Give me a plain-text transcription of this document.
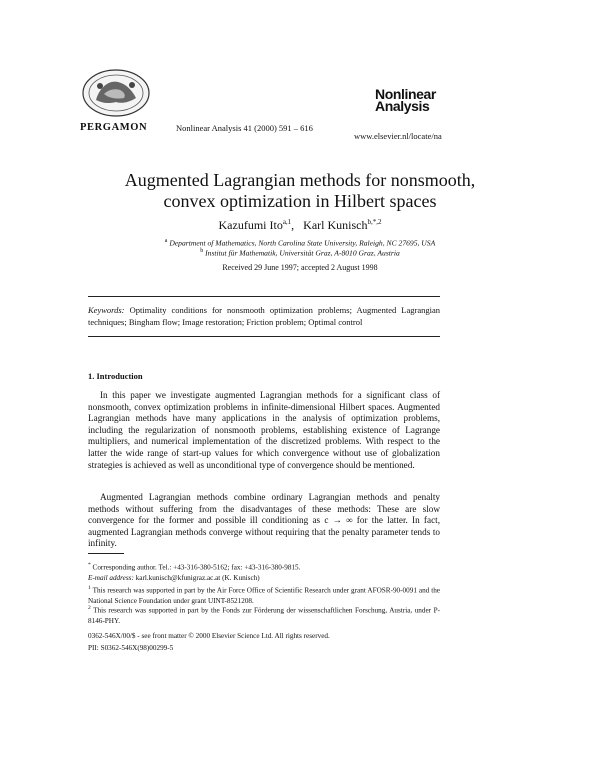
PERGAMON	Nonlinear Analysis 41 (2000) 591 – 616
Nonlinear
Analysis
www.elsevier.nl/locate/na
Augmented Lagrangian methods for nonsmooth,
convex optimization in Hilbert spaces
Kazufumi Ito$^{a,1}$,   Karl Kunisch$^{b,*,2}$
$^a$ Department of Mathematics, North Carolina State University, Raleigh, NC 27695, USA
$^b$ Institut für Mathematik, Universität Graz, A-8010 Graz, Austria
Received 29 June 1997; accepted 2 August 1998
Keywords: Optimality conditions for nonsmooth optimization problems; Augmented Lagrangian techniques; Bingham flow; Image restoration; Friction problem; Optimal control
1. Introduction
In this paper we investigate augmented Lagrangian methods for a significant class of nonsmooth, convex optimization problems in infinite-dimensional Hilbert spaces. Augmented Lagrangian methods have many applications in the analysis of optimization problems, including the regularization of nonsmooth problems, establishing existence of Lagrange multipliers, and numerical implementation of the discretized problems. With respect to the latter the wide range of start-up values for which convergence without use of globalization strategies is achieved as well as unconditional type of convergence should be mentioned.
Augmented Lagrangian methods combine ordinary Lagrangian methods and penalty methods without suffering from the disadvantages of these methods: These are slow convergence for the former and possible ill conditioning as c → ∞ for the latter. In fact, augmented Lagrangian methods converge without requiring that the penalty parameter tends to infinity.
* Corresponding author. Tel.: +43-316-380-5162; fax: +43-316-380-9815.
E-mail address: karl.kunisch@kfunigraz.ac.at (K. Kunisch)
$^1$ This research was supported in part by the Air Force Office of Scientific Research under grant AFOSR-90-0091 and the National Science Foundation under grant UINT-8521208.
$^2$ This research was supported in part by the Fonds zur Förderung der wissenschaftlichen Forschung, Austria, under P-8146-PHY.
0362-546X/00/$ - see front matter © 2000 Elsevier Science Ltd. All rights reserved.
PII: S0362-546X(98)00299-5
